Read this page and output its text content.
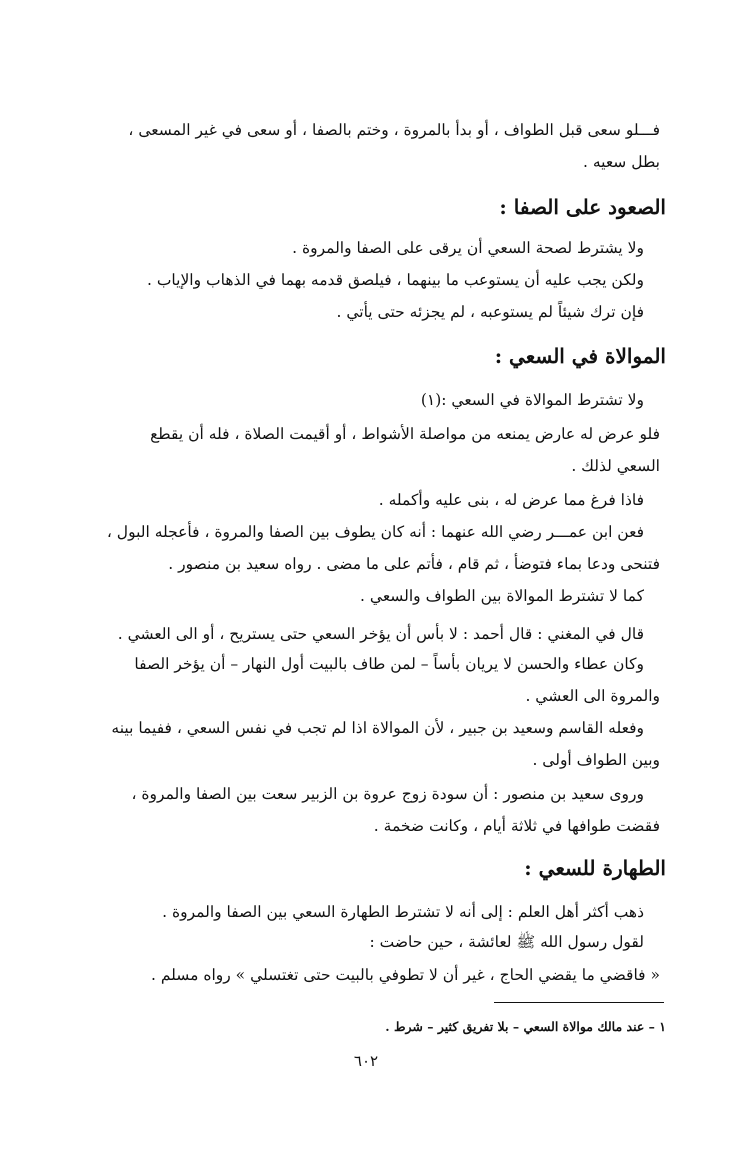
فـــلو سعى قبل الطواف ، أو بدأ بالمروة ، وختم بالصفا ، أو سعى في غير المسعى ،
بطل سعيه .
الصعود على الصفا :
ولا يشترط لصحة السعي أن يرقى على الصفا والمروة .
ولكن يجب عليه أن يستوعب ما بينهما ، فيلصق قدمه بهما في الذهاب والإياب .
فإن ترك شيئاً لم يستوعبه ، لم يجزئه حتى يأتي .
الموالاة في السعي :
ولا تشترط الموالاة في السعي :(١)
فلو عرض له عارض يمنعه من مواصلة الأشواط ، أو أقيمت الصلاة ، فله أن يقطع
السعي لذلك .
فاذا فرغ مما عرض له ، بنى عليه وأكمله .
فعن ابن عمـــر رضي الله عنهما : أنه كان يطوف بين الصفا والمروة ، فأعجله البول ،
فتنحى ودعا بماء فتوضأ ، ثم قام ، فأتم على ما مضى . رواه سعيد بن منصور .
كما لا تشترط الموالاة بين الطواف والسعي .
قال في المغني : قال أحمد : لا بأس أن يؤخر السعي حتى يستريح ، أو الى العشي .
وكان عطاء والحسن لا يريان بأساً – لمن طاف بالبيت أول النهار – أن يؤخر الصفا
والمروة الى العشي .
وفعله القاسم وسعيد بن جبير ، لأن الموالاة اذا لم تجب في نفس السعي ، ففيما بينه
وبين الطواف أولى .
وروى سعيد بن منصور : أن سودة زوج عروة بن الزبير سعت بين الصفا والمروة ،
فقضت طوافها في ثلاثة أيام ، وكانت ضخمة .
الطهارة للسعي :
ذهب أكثر أهل العلم : إلى أنه لا تشترط الطهارة السعي بين الصفا والمروة .
لقول رسول الله ﷺ لعائشة ، حين حاضت :
« فاقضي ما يقضي الحاج ، غير أن لا تطوفي بالبيت حتى تغتسلي » رواه مسلم .
١ – عند مالك موالاة السعي – بلا تفريق كثير – شرط .
٦٠٢
